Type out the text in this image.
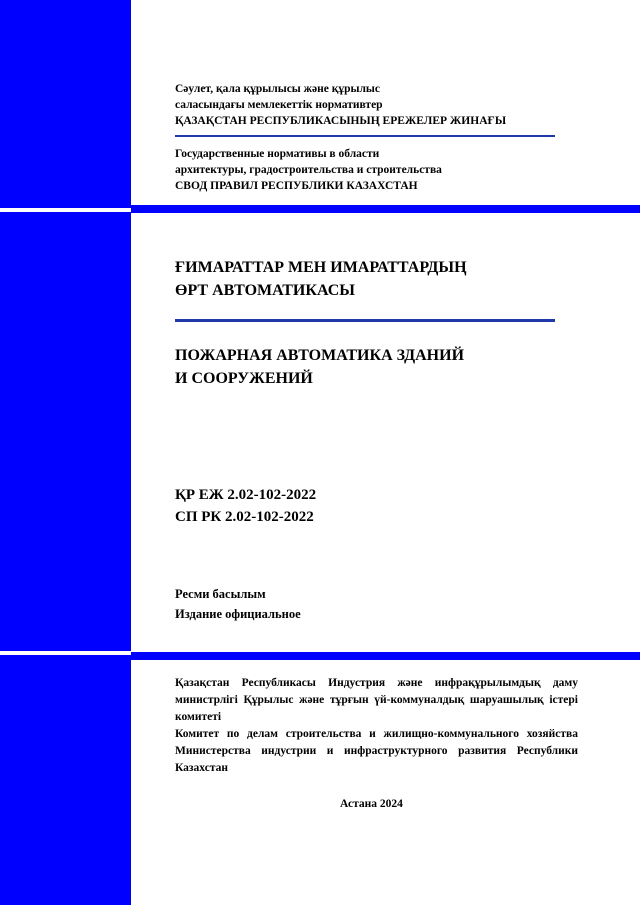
Сәулет, қала құрылысы және құрылыс
саласындағы мемлекеттік нормативтер
ҚАЗАҚСТАН РЕСПУБЛИКАСЫНЫҢ ЕРЕЖЕЛЕР ЖИНАҒЫ
Государственные нормативы в области
архитектуры, градостроительства и строительства
СВОД ПРАВИЛ РЕСПУБЛИКИ КАЗАХСТАН
ҒИМАРАТТАР МЕН ИМАРАТТАРДЫҢ
ӨРТ АВТОМАТИКАСЫ
ПОЖАРНАЯ АВТОМАТИКА ЗДАНИЙ
И СООРУЖЕНИЙ
ҚР ЕЖ 2.02-102-2022
СП РК 2.02-102-2022
Ресми басылым
Издание официальное

Қазақстан Республикасы Индустрия және инфрақұрылымдық даму министрлігі Құрылыс және тұрғын үй-коммуналдық шаруашылық істері комитеті

Комитет по делам строительства и жилищно-коммунального хозяйства Министерства индустрии и инфраструктурного развития Республики Казахстан

Астана 2024
